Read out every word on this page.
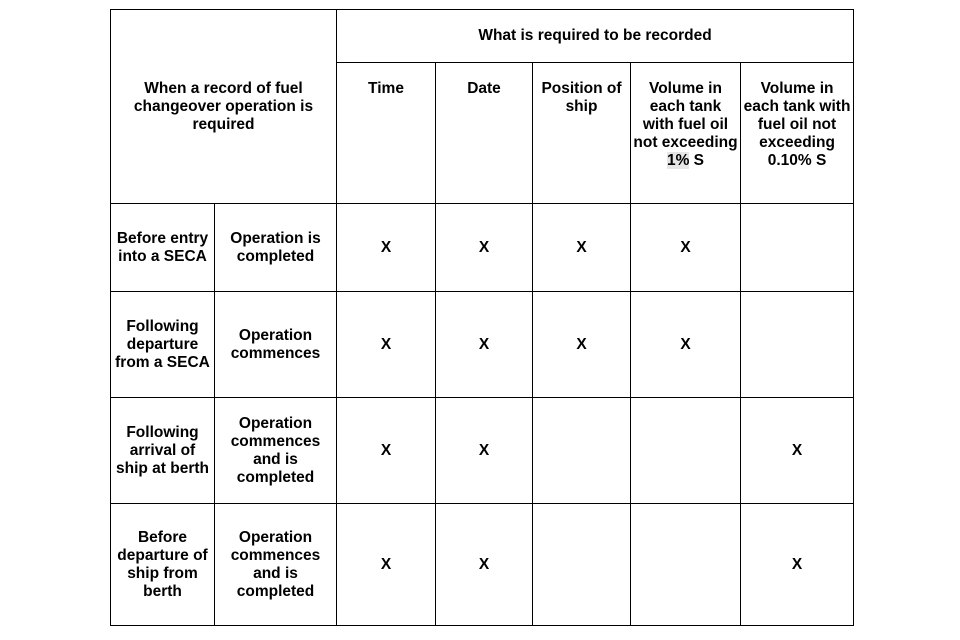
When a record of fuel changeover operation is required		What is required to be recorded				
		Time	Date	Position of ship	Volume in each tank with fuel oil not exceeding 1% S	Volume in each tank with fuel oil not exceeding 0.10% S
Before entry into a SECA	Operation is completed	X	X	X	X	
Following departure from a SECA	Operation commences	X	X	X	X	
Following arrival of ship at berth	Operation commences and is completed	X	X			X
Before departure of ship from berth	Operation commences and is completed	X	X			X
